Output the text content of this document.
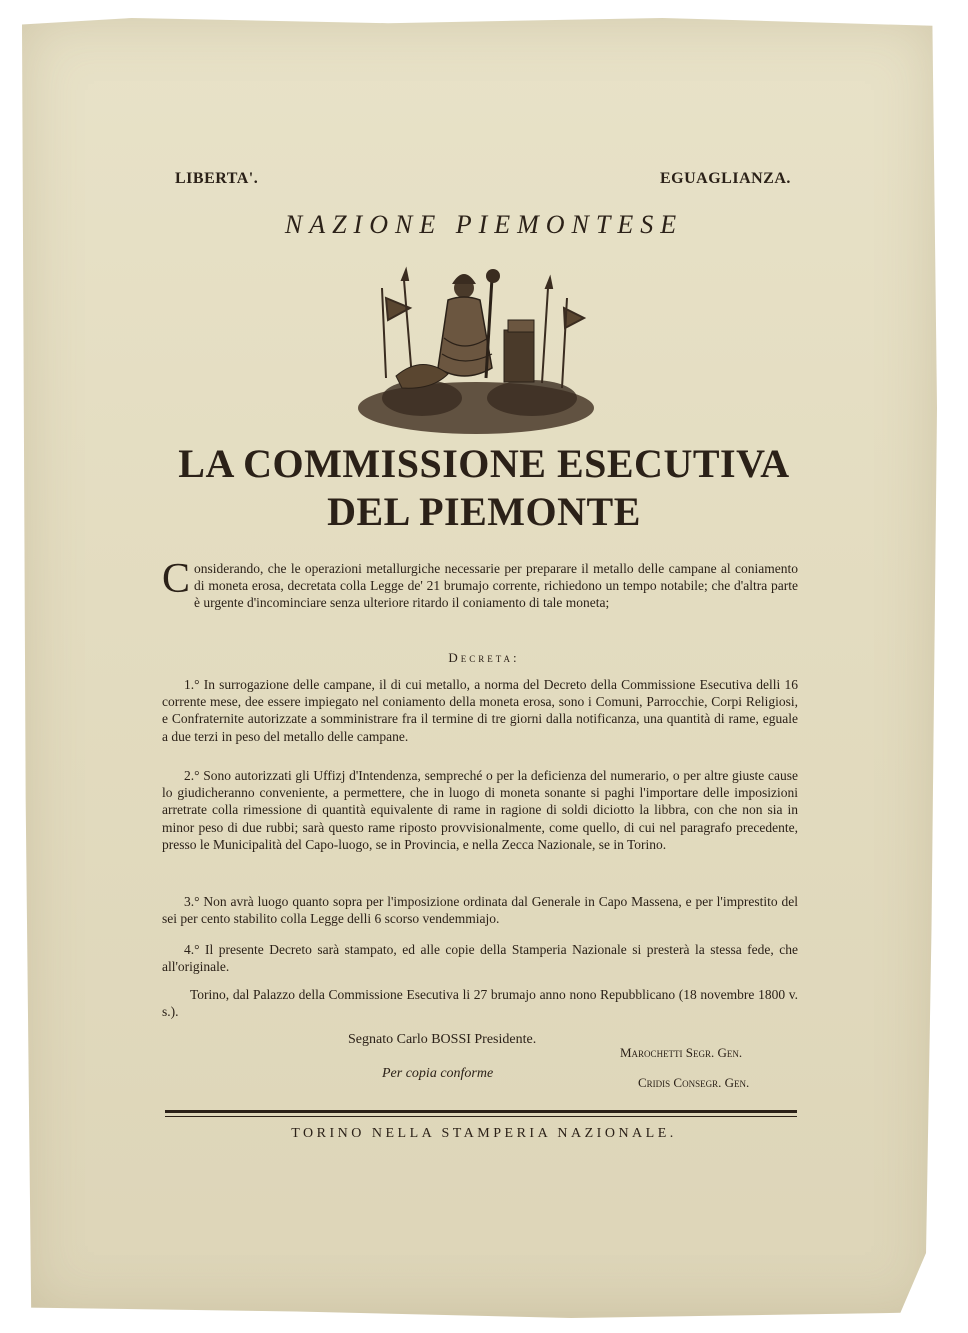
LIBERTA'.	EGUAGLIANZA.

NAZIONE PIEMONTESE

LA COMMISSIONE ESECUTIVA
DEL PIEMONTE

Considerando, che le operazioni metallurgiche necessarie per preparare il metallo delle campane al coniamento di moneta erosa, decretata colla Legge de' 21 brumajo corrente, richiedono un tempo notabile; che d'altra parte è urgente d'incominciare senza ulteriore ritardo il coniamento di tale moneta;

Decreta:

1.° In surrogazione delle campane, il di cui metallo, a norma del Decreto della Commissione Esecutiva delli 16 corrente mese, dee essere impiegato nel coniamento della moneta erosa, sono i Comuni, Parrocchie, Corpi Religiosi, e Confraternite autorizzate a somministrare fra il termine di tre giorni dalla notificanza, una quantità di rame, eguale a due terzi in peso del metallo delle campane.

2.° Sono autorizzati gli Uffizj d'Intendenza, sempreché o per la deficienza del numerario, o per altre giuste cause lo giudicheranno conveniente, a permettere, che in luogo di moneta sonante si paghi l'importare delle imposizioni arretrate colla rimessione di quantità equivalente di rame in ragione di soldi diciotto la libbra, con che non sia in minor peso di due rubbi; sarà questo rame riposto provvisionalmente, come quello, di cui nel paragrafo precedente, presso le Municipalità del Capo-luogo, se in Provincia, e nella Zecca Nazionale, se in Torino.

3.° Non avrà luogo quanto sopra per l'imposizione ordinata dal Generale in Capo Massena, e per l'imprestito del sei per cento stabilito colla Legge delli 6 scorso vendemmiajo.

4.° Il presente Decreto sarà stampato, ed alle copie della Stamperia Nazionale si presterà la stessa fede, che all'originale.

Torino, dal Palazzo della Commissione Esecutiva li 27 brumajo anno nono Repubblicano (18 novembre 1800 v. s.).

Segnato Carlo BOSSI Presidente.

Marochetti Segr. Gen.

Per copia conforme

Cridis Consegr. Gen.

TORINO NELLA STAMPERIA NAZIONALE.
